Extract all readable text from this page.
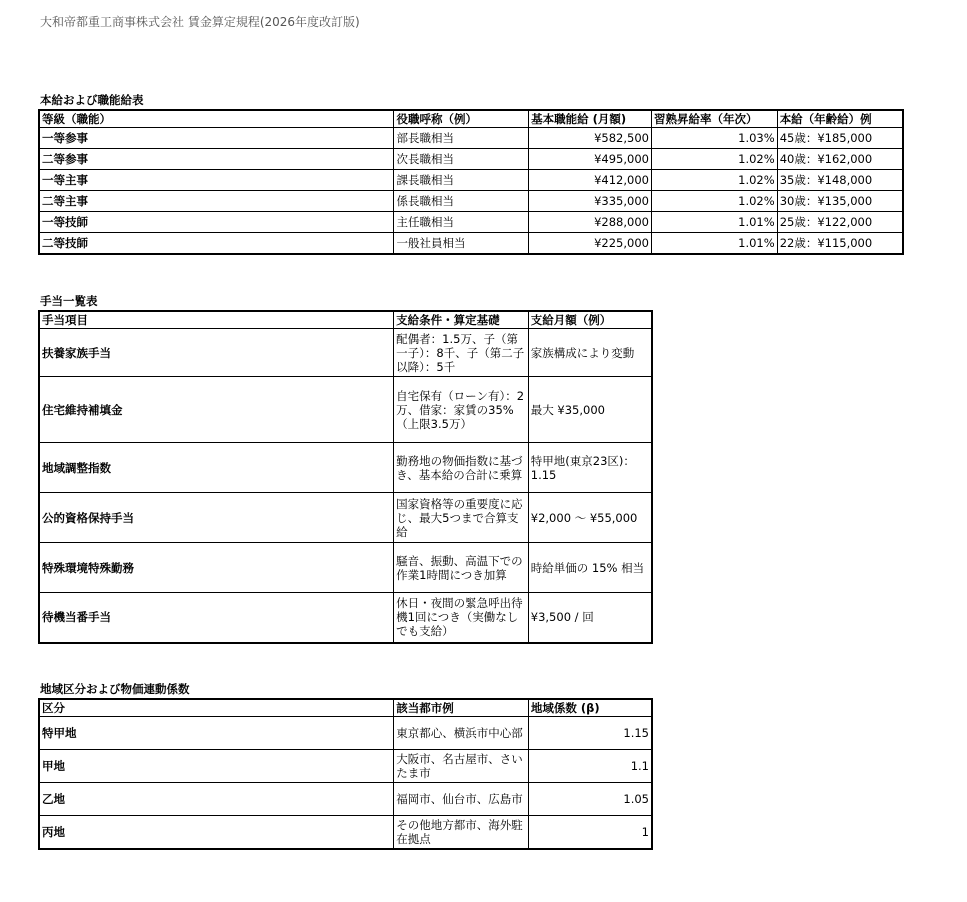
大和帝都重工商事株式会社 賃金算定規程(2026年度改訂版)
本給および職能給表
等級（職能）	役職呼称（例）	基本職能給 (月額)	習熟昇給率（年次）	本給（年齢給）例
一等参事	部長職相当	¥582,500	1.03%	45歳：¥185,000
二等参事	次長職相当	¥495,000	1.02%	40歳：¥162,000
一等主事	課長職相当	¥412,000	1.02%	35歳：¥148,000
二等主事	係長職相当	¥335,000	1.02%	30歳：¥135,000
一等技師	主任職相当	¥288,000	1.01%	25歳：¥122,000
二等技師	一般社員相当	¥225,000	1.01%	22歳：¥115,000
手当一覧表
手当項目	支給条件・算定基礎	支給月額（例）
扶養家族手当	配偶者：1.5万、子（第一子）：8千、子（第二子以降）：5千	家族構成により変動
住宅維持補填金	自宅保有（ローン有）：2万、借家：家賃の35%（上限3.5万）	最大 ¥35,000
地域調整指数	勤務地の物価指数に基づき、基本給の合計に乗算	特甲地(東京23区)：1.15
公的資格保持手当	国家資格等の重要度に応じ、最大5つまで合算支給	¥2,000 ～ ¥55,000
特殊環境特殊勤務	騒音、振動、高温下での作業1時間につき加算	時給単価の 15% 相当
待機当番手当	休日・夜間の緊急呼出待機1回につき（実働なしでも支給）	¥3,500 / 回
地域区分および物価連動係数
区分	該当都市例	地域係数 (β)
特甲地	東京都心、横浜市中心部	1.15
甲地	大阪市、名古屋市、さいたま市	1.1
乙地	福岡市、仙台市、広島市	1.05
丙地	その他地方都市、海外駐在拠点	1
